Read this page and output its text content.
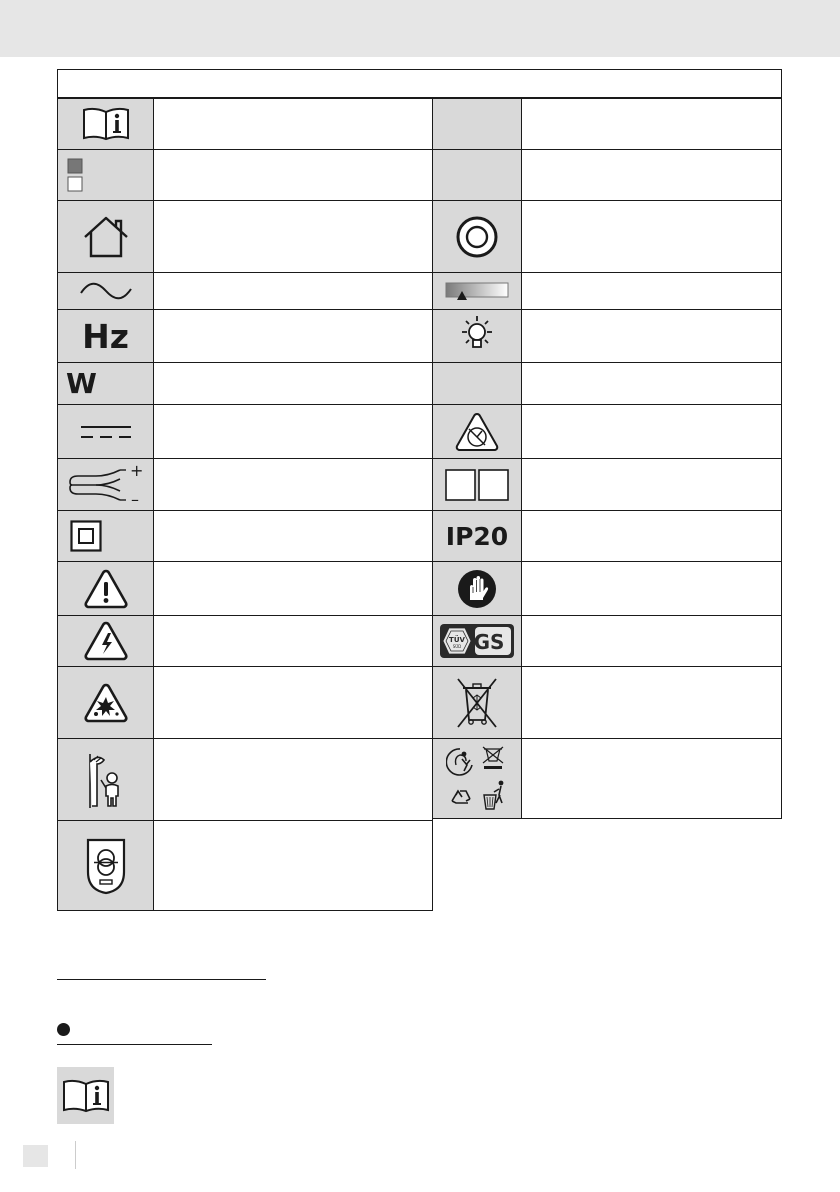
Hz
W
+
–
IP20
TÜV
SÜD GS
